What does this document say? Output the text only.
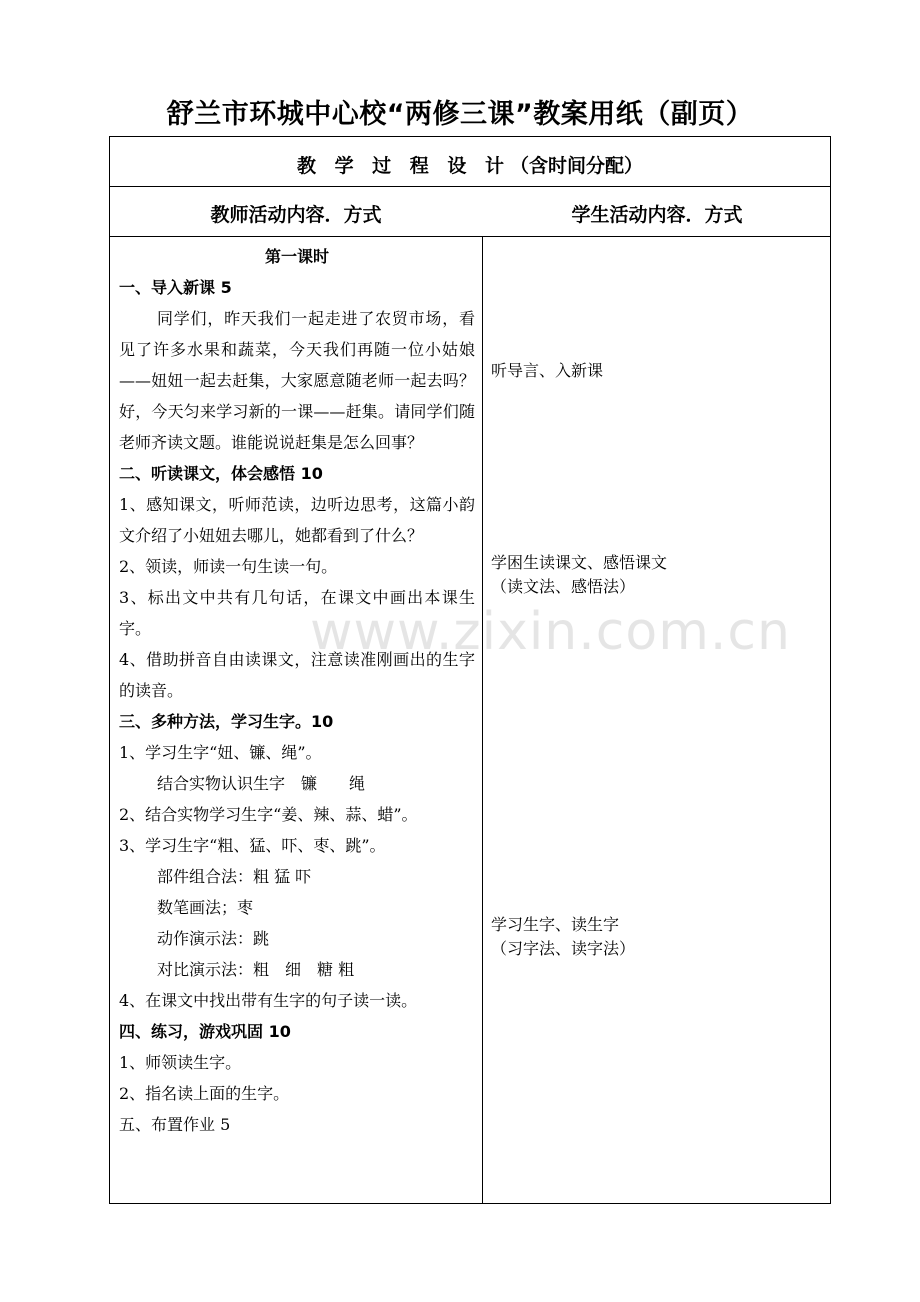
舒兰市环城中心校“两修三课”教案用纸（副页）
教 学 过 程 设 计（含时间分配）
教师活动内容．方式	学生活动内容．方式
第一课时
一、导入新课 5
同学们，昨天我们一起走进了农贸市场，看见了许多水果和蔬菜，今天我们再随一位小姑娘——妞妞一起去赶集，大家愿意随老师一起去吗？好，今天匀来学习新的一课——赶集。请同学们随老师齐读文题。谁能说说赶集是怎么回事？
二、听读课文，体会感悟 10
1、感知课文，听师范读，边听边思考，这篇小韵文介绍了小妞妞去哪儿，她都看到了什么？
2、领读，师读一句生读一句。
3、标出文中共有几句话，在课文中画出本课生字。
4、借助拼音自由读课文，注意读准刚画出的生字的读音。
三、多种方法，学习生字。10
1、学习生字“妞、镰、绳”。
结合实物认识生字　镰　　绳
2、结合实物学习生字“姜、辣、蒜、蜡”。
3、学习生字“粗、猛、吓、枣、跳”。
部件组合法：粗 猛 吓
数笔画法；枣
动作演示法：跳
对比演示法：粗　细　糖 粗
4、在课文中找出带有生字的句子读一读。
四、练习，游戏巩固 10
1、师领读生字。
2、指名读上面的生字。
五、布置作业 5
听导言、入新课
学困生读课文、感悟课文
（读文法、感悟法）
学习生字、读生字
（习字法、读字法）
www.zixin.com.cn
